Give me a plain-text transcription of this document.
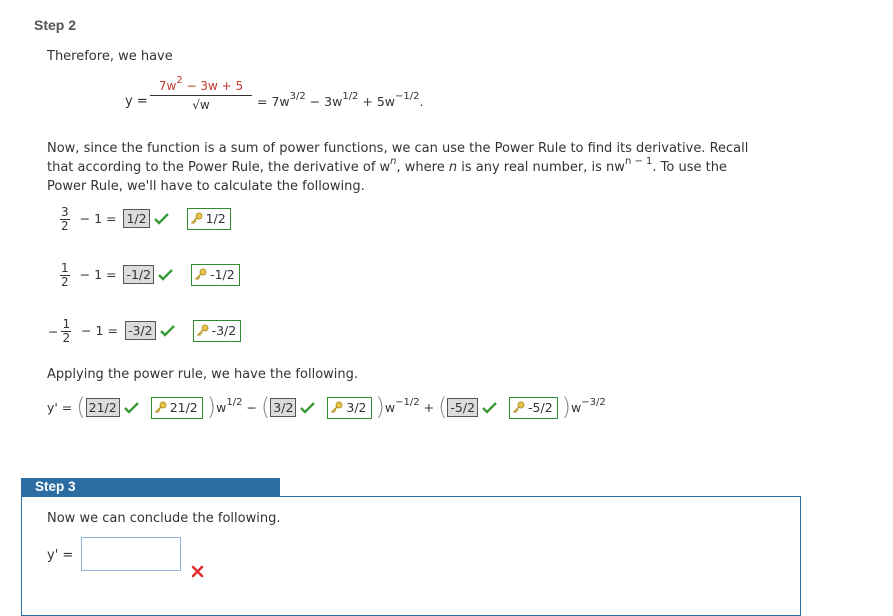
Step 2
Therefore, we have
$y = \frac{7w^2 - 3w + 5}{√w} = 7w^{3/2} - 3w^{1/2} + 5w^{-1/2}$.
Now, since the function is a sum of power functions, we can use the Power Rule to find its derivative. Recall
that according to the Power Rule, the derivative of $w^n$, where n is any real number, is $nw^{n - 1}$. To use the
Power Rule, we'll have to calculate the following.
$\frac{3}{2} - 1 = 1/2$	1/2
$\frac{1}{2} - 1 = -1/2$	-1/2
− $\frac{1}{2} - 1 = -3/2$	-3/2
Applying the power rule, we have the following.
y' = ( 21/2	21/2 )$w^{1/2}$ − ( 3/2	3/2 )$w^{-1/2}$ + ( -5/2	-5/2 )$w^{-3/2}$
Step 3
Now we can conclude the following.
y' =
